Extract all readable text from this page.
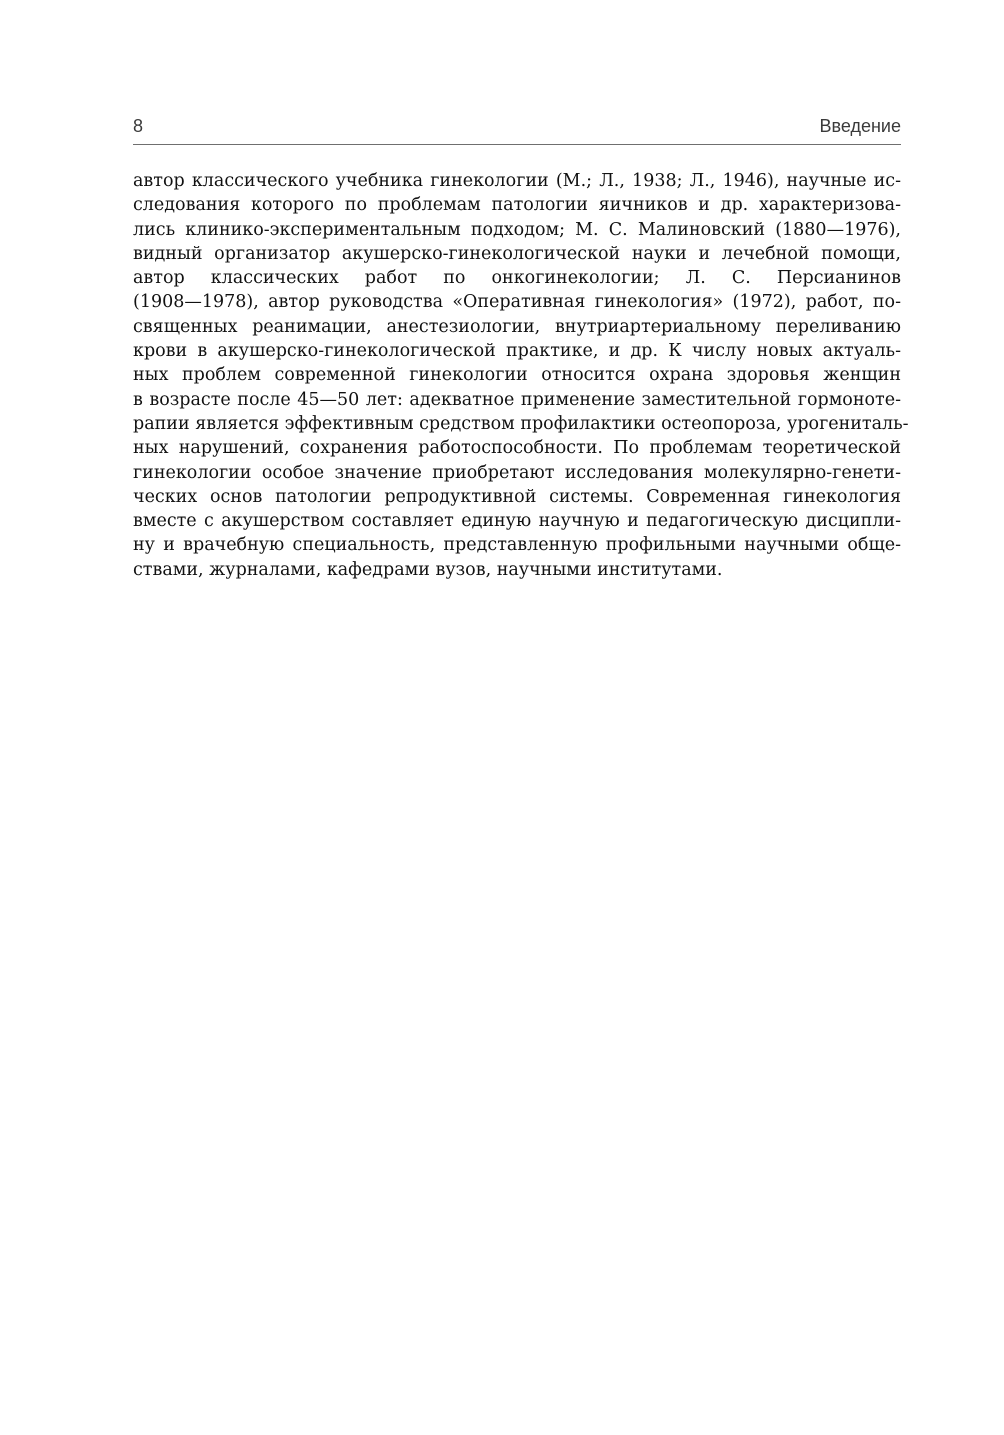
8	Введение
автор классического учебника гинекологии (М.; Л., 1938; Л., 1946), научные ис-
следования которого по проблемам патологии яичников и др. характеризова-
лись клинико-экспериментальным подходом; М. С. Малиновский (1880—1976),
видный организатор акушерско-гинекологической науки и лечебной помощи,
автор классических работ по онкогинекологии; Л. С. Персианинов
(1908—1978), автор руководства «Оперативная гинекология» (1972), работ, по-
священных реанимации, анестезиологии, внутриартериальному переливанию
крови в акушерско-гинекологической практике, и др. К числу новых актуаль-
ных проблем современной гинекологии относится охрана здоровья женщин
в возрасте после 45—50 лет: адекватное применение заместительной гормоноте-
рапии является эффективным средством профилактики остеопороза, урогениталь-
ных нарушений, сохранения работоспособности. По проблемам теоретической
гинекологии особое значение приобретают исследования молекулярно-генети-
ческих основ патологии репродуктивной системы. Современная гинекология
вместе с акушерством составляет единую научную и педагогическую дисципли-
ну и врачебную специальность, представленную профильными научными обще-
ствами, журналами, кафедрами вузов, научными институтами.
